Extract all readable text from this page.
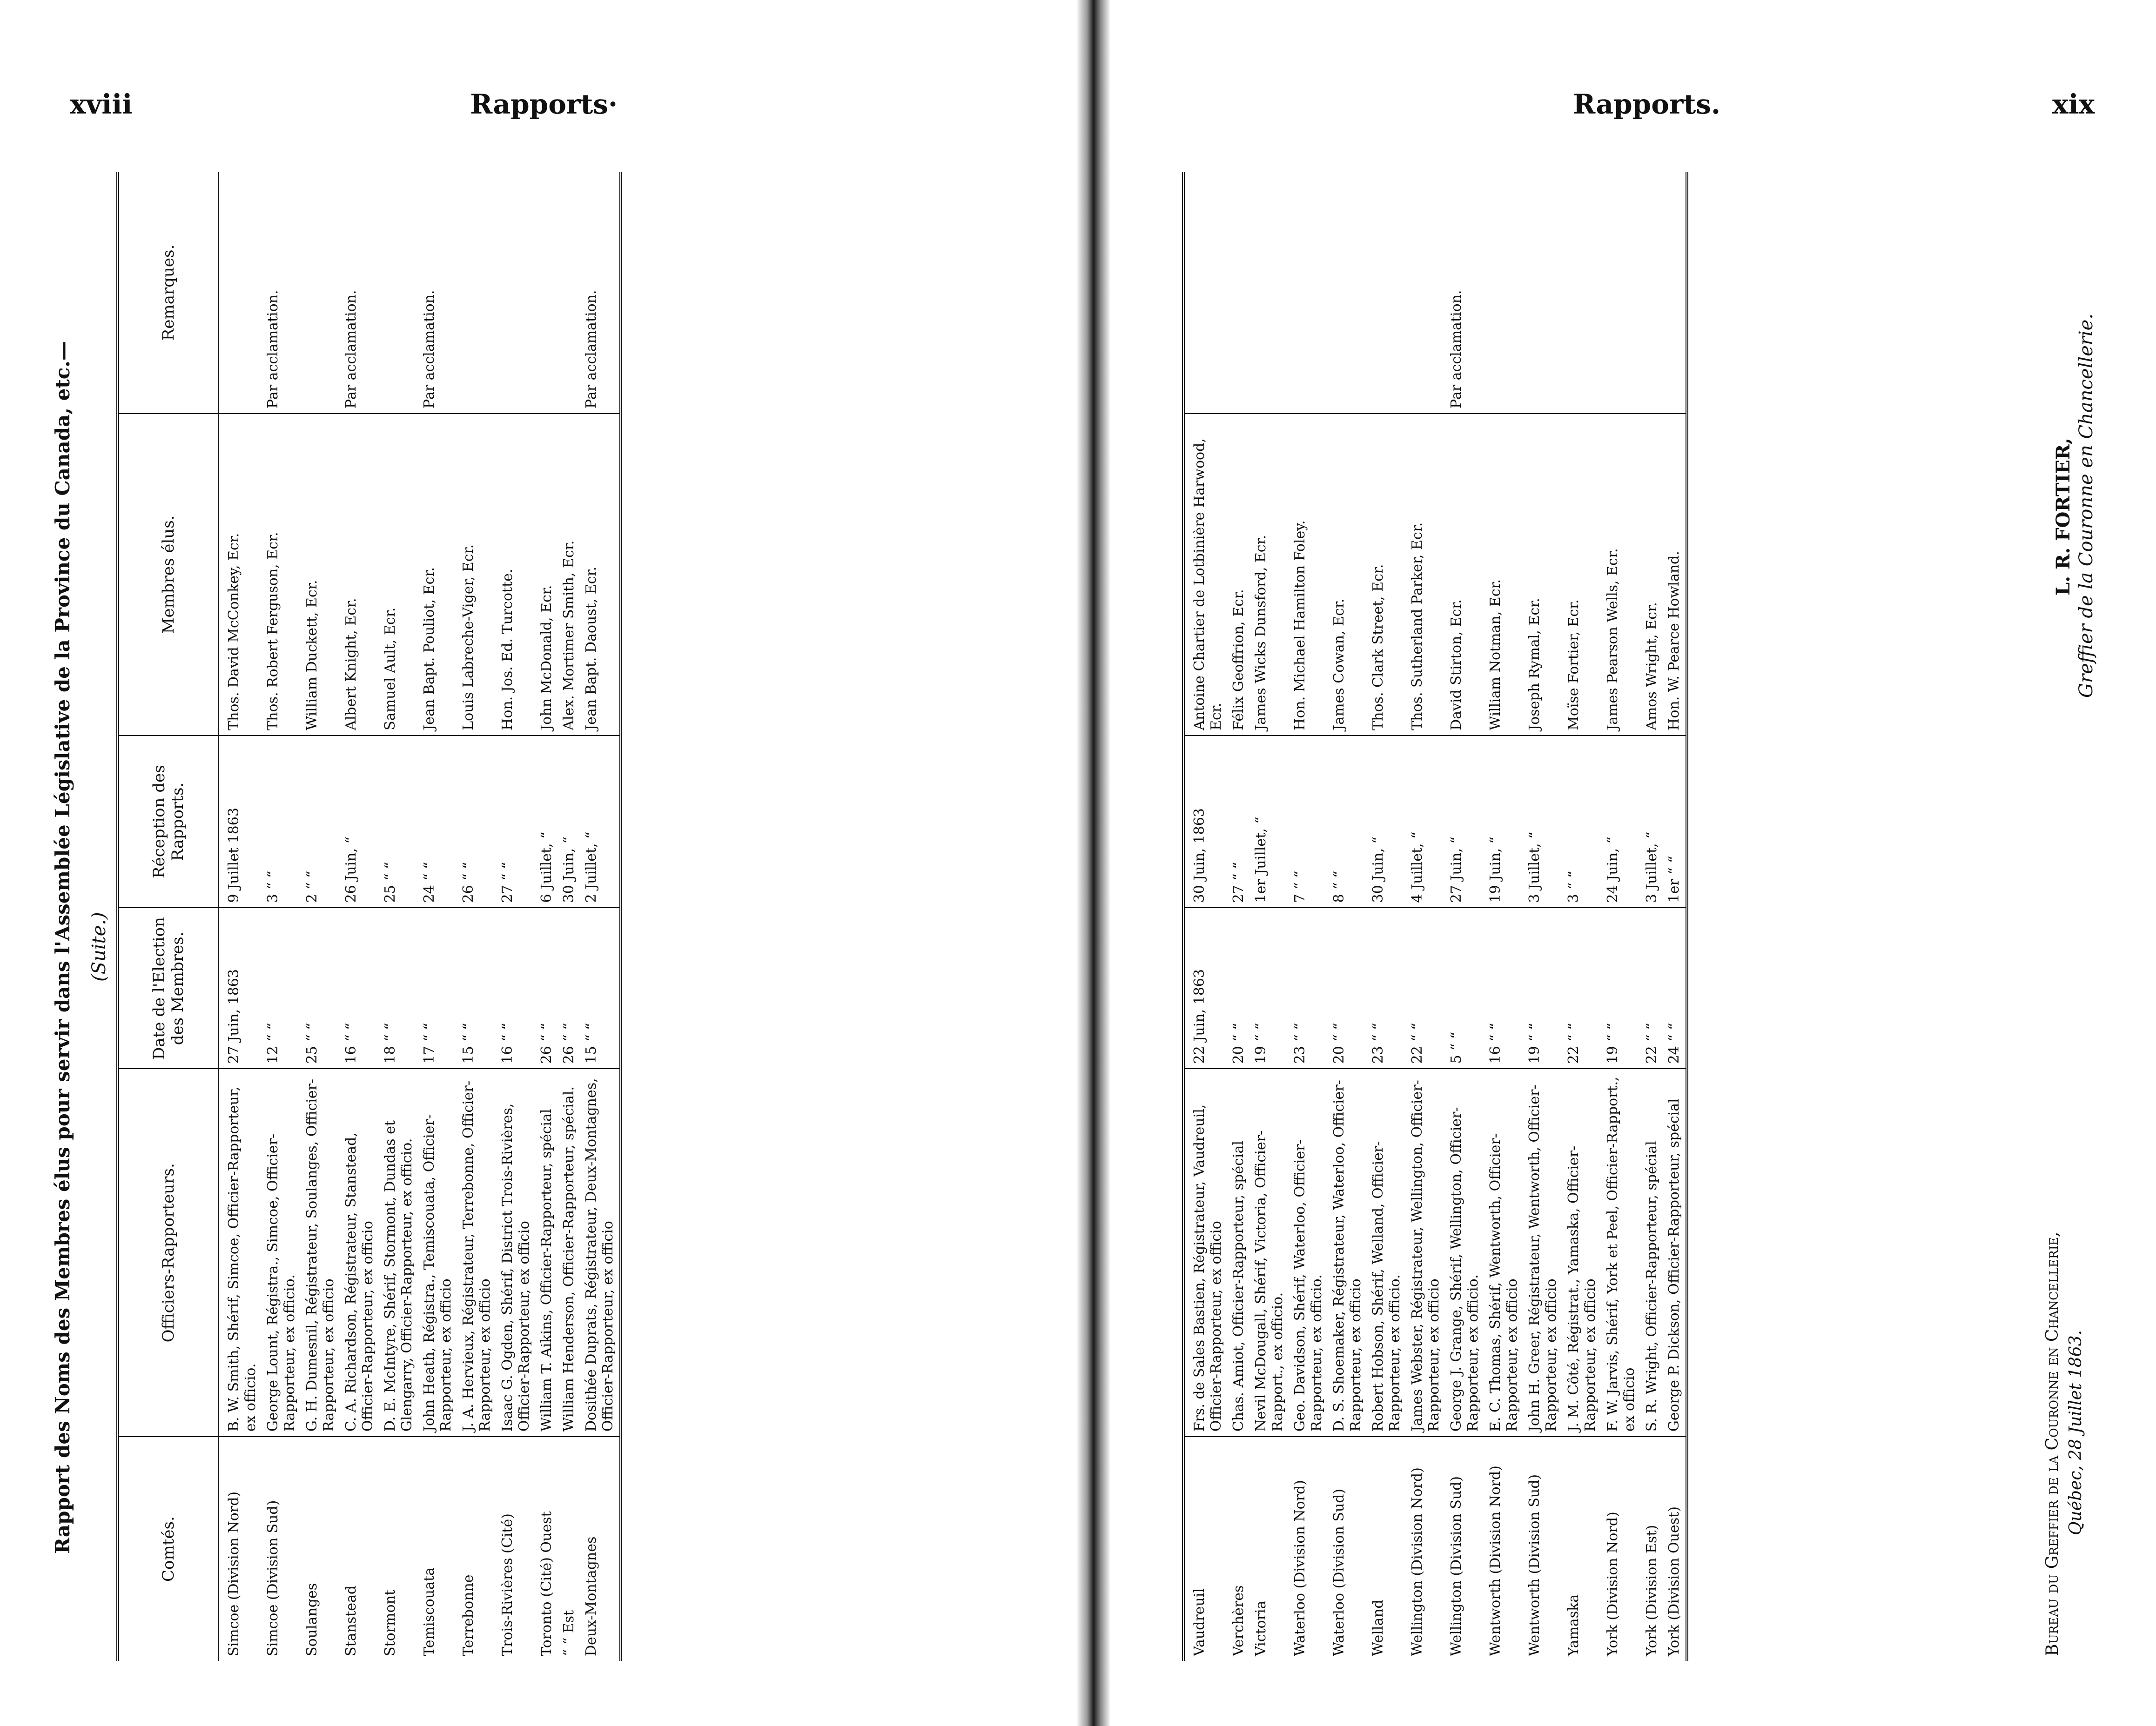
xviii	Rapports·	Rapports.	xix
Rapport des Noms des Membres élus pour servir dans l'Assemblée Législative de la Province du Canada, etc.— (Suite.)
Comtés.	Officiers-Rapporteurs.	Date de l'Election des Membres.	Réception des Rapports.	Membres élus.	Remarques.
Simcoe (Division Nord)	B. W. Smith, Shérif, Simcoe, Officier-Rapporteur, ex officio.	27 Juin, 1863	9 Juillet 1863	Thos. David McConkey, Ecr.	
Simcoe (Division Sud)	George Lount, Régistra., Simcoe, Officier-Rapporteur, ex officio.	12 “ “	3 “ “	Thos. Robert Ferguson, Ecr.	Par acclamation.
Soulanges	G. H. Dumesnil, Régistrateur, Soulanges, Officier-Rapporteur, ex officio	25 “ “	2 “ “	William Duckett, Ecr.	
Stanstead	C. A. Richardson, Régistrateur, Stanstead, Officier-Rapporteur, ex officio	16 “ “	26 Juin, “	Albert Knight, Ecr.	Par acclamation.
Stormont	D. E. McIntyre, Shérif, Stormont, Dundas et Glengarry, Officier-Rapporteur, ex officio.	18 “ “	25 “ “	Samuel Ault, Ecr.	
Temiscouata	John Heath, Régistra., Temiscouata, Officier-Rapporteur, ex officio	17 “ “	24 “ “	Jean Bapt. Pouliot, Ecr.	Par acclamation.
Terrebonne	J. A. Hervieux, Régistrateur, Terrebonne, Officier-Rapporteur, ex officio	15 “ “	26 “ “	Louis Labreche-Viger, Ecr.	
Trois-Rivières (Cité)	Isaac G. Ogden, Shérif, District Trois-Rivières, Officier-Rapporteur, ex officio	16 “ “	27 “ “	Hon. Jos. Ed. Turcotte.	
Toronto (Cité) Ouest	William T. Aikins, Officier-Rapporteur, spécial	26 “ “	6 Juillet, “	John McDonald, Ecr.	
“ “ Est	William Henderson, Officier-Rapporteur, spécial.	26 “ “	30 Juin, “	Alex. Mortimer Smith, Ecr.	
Deux-Montagnes	Dosithée Duprats, Régistrateur, Deux-Montagnes, Officier-Rapporteur, ex officio	15 “ “	2 Juillet, “	Jean Bapt. Daoust, Ecr.	Par acclamation.
Vaudreuil	Frs. de Sales Bastien, Régistrateur, Vaudreuil, Officier-Rapporteur, ex officio	22 Juin, 1863	30 Juin, 1863	Antoine Chartier de Lotbinière Harwood, Ecr.	
Verchères	Chas. Amiot, Officier-Rapporteur, spécial	20 “ “	27 “ “	Félix Geoffrion, Ecr.	
Victoria	Nevil McDougall, Shérif, Victoria, Officier-Rapport., ex officio.	19 “ “	1er Juillet, “	James Wicks Dunsford, Ecr.	
Waterloo (Division Nord)	Geo. Davidson, Shérif, Waterloo, Officier-Rapporteur, ex officio.	23 “ “	7 “ “	Hon. Michael Hamilton Foley.	
Waterloo (Division Sud)	D. S. Shoemaker, Régistrateur, Waterloo, Officier-Rapporteur, ex officio	20 “ “	8 “ “	James Cowan, Ecr.	
Welland	Robert Hobson, Shérif, Welland, Officier-Rapporteur, ex officio.	23 “ “	30 Juin, “	Thos. Clark Street, Ecr.	
Wellington (Division Nord)	James Webster, Régistrateur, Wellington, Officier-Rapporteur, ex officio	22 “ “	4 Juillet, “	Thos. Sutherland Parker, Ecr.	
Wellington (Division Sud)	George J. Grange, Shérif, Wellington, Officier-Rapporteur, ex officio.	5 “ “	27 Juin, “	David Stirton, Ecr.	Par acclamation.
Wentworth (Division Nord)	E. C. Thomas, Shérif, Wentworth, Officier-Rapporteur, ex officio	16 “ “	19 Juin, “	William Notman, Ecr.	
Wentworth (Division Sud)	John H. Greer, Régistrateur, Wentworth, Officier-Rapporteur, ex officio	19 “ “	3 Juillet, “	Joseph Rymal, Ecr.	
Yamaska	J. M. Côté, Régistrat., Yamaska, Officier-Rapporteur, ex officio	22 “ “	3 “ “	Moïse Fortier, Ecr.	
York (Division Nord)	F. W. Jarvis, Shérif, York et Peel, Officier-Rapport., ex officio	19 “ “	24 Juin, “	James Pearson Wells, Ecr.	
York (Division Est)	S. R. Wright, Officier-Rapporteur, spécial	22 “ “	3 Juillet, “	Amos Wright, Ecr.	
York (Division Ouest)	George P. Dickson, Officier-Rapporteur, spécial	24 “ “	1er “ “	Hon. W. Pearce Howland.	
Bureau du Greffier de la Couronne en Chancellerie, Québec, 28 Juillet 1863.
L. R. FORTIER, Greffier de la Couronne en Chancellerie.
